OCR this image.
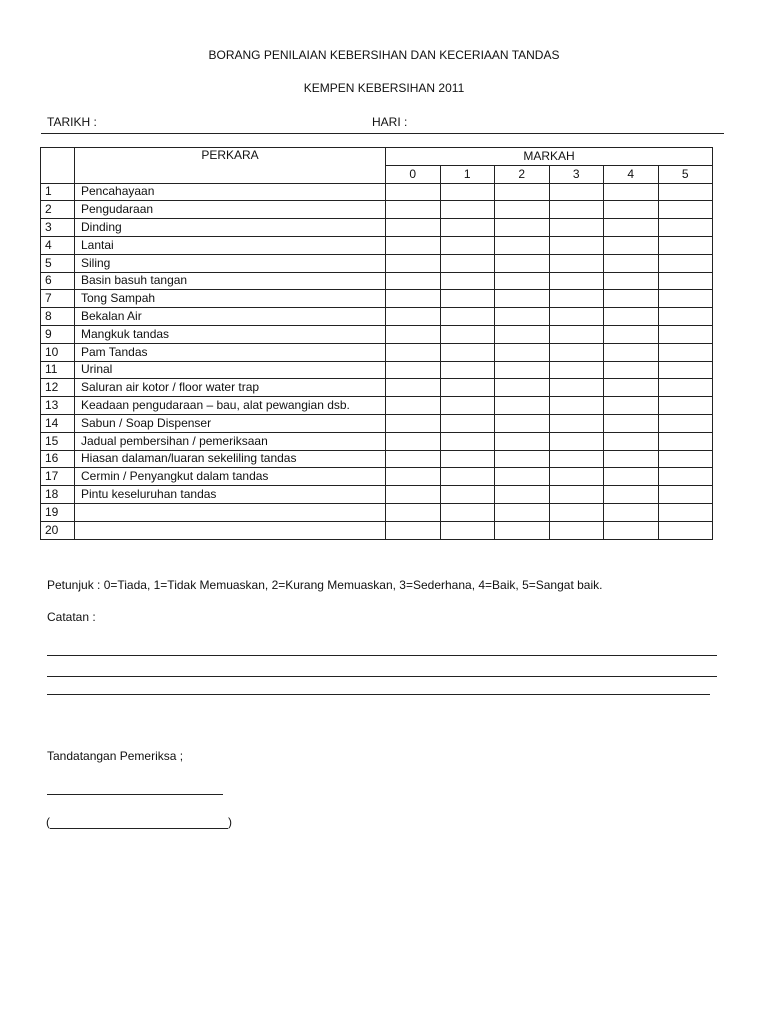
BORANG PENILAIAN KEBERSIHAN DAN KECERIAAN TANDAS
KEMPEN KEBERSIHAN 2011
TARIKH :	HARI :
	PERKARA	MARKAH					
		0	1	2	3	4	5
1	Pencahayaan						
2	Pengudaraan						
3	Dinding						
4	Lantai						
5	Siling						
6	Basin basuh tangan						
7	Tong Sampah						
8	Bekalan Air						
9	Mangkuk tandas						
10	Pam Tandas						
11	Urinal						
12	Saluran air kotor / floor water trap						
13	Keadaan pengudaraan – bau, alat pewangian dsb.						
14	Sabun / Soap Dispenser						
15	Jadual pembersihan / pemeriksaan						
16	Hiasan dalaman/luaran sekeliling tandas						
17	Cermin / Penyangkut dalam tandas						
18	Pintu keseluruhan tandas						
19							
20							
Petunjuk : 0=Tiada, 1=Tidak Memuaskan, 2=Kurang Memuaskan, 3=Sederhana, 4=Baik, 5=Sangat baik.
Catatan :
Tandatangan Pemeriksa ;
(	)
